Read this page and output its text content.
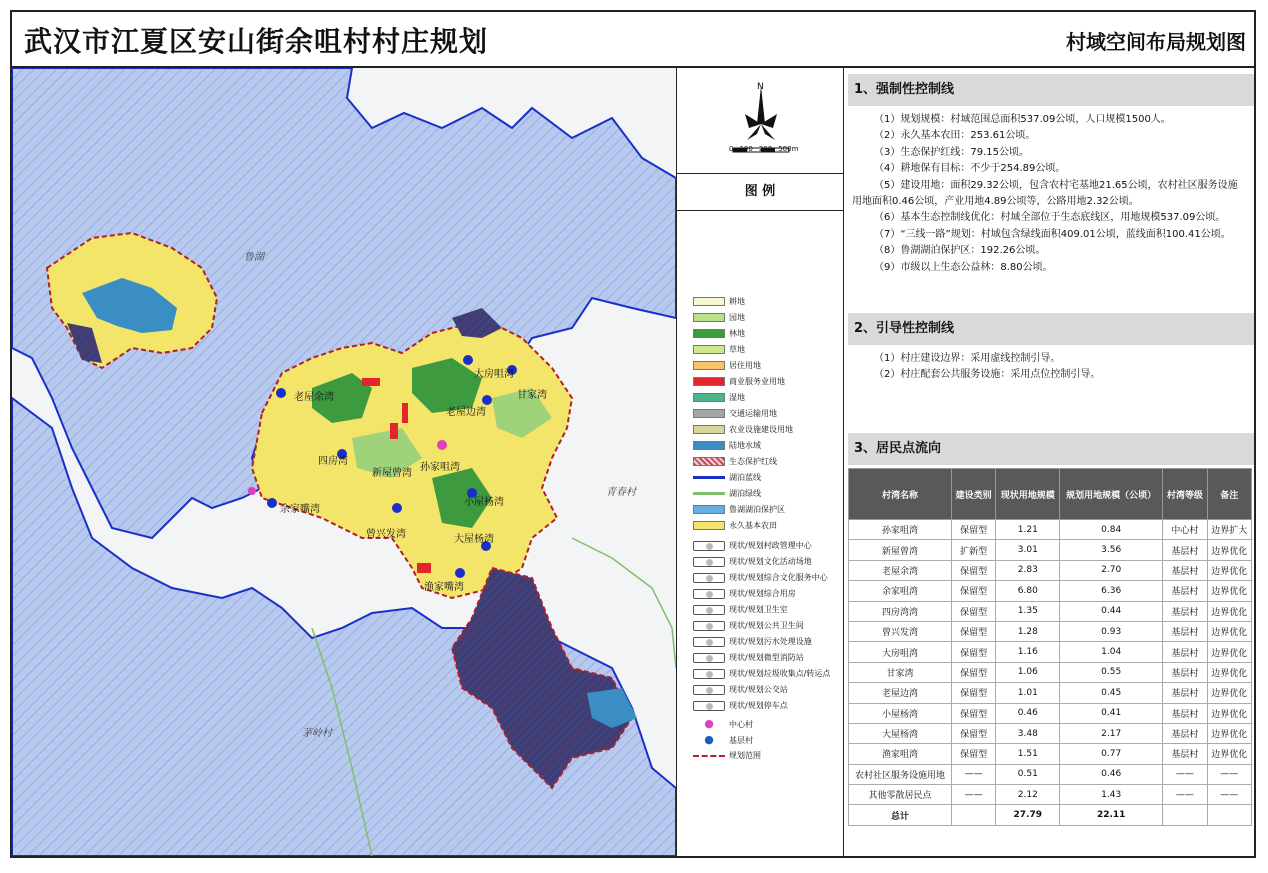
武汉市江夏区安山街余咀村村庄规划	村域空间布局规划图
鲁湖
青春村
茅岭村
大房咀湾
甘家湾
老屋余湾
老屋边湾
四房湾
孙家咀湾
新屋曾湾
小屋杨湾
余家嘴湾
曾兴发湾	大屋杨湾
渔家嘴湾
N
0 100 200 500m
图 例
耕地
园地
林地
草地
居住用地
商业服务业用地
湿地
交通运输用地
农业设施建设用地
陆地水域
生态保护红线
湖泊蓝线
湖泊绿线
鲁湖湖泊保护区
永久基本农田
现状/规划村政管理中心
现状/规划文化活动场地
现状/规划综合文化服务中心
现状/规划综合用房
现状/规划卫生室
现状/规划公共卫生间
现状/规划污水处理设施
现状/规划微型消防站
现状/规划垃圾收集点/转运点
现状/规划公交站
现状/规划停车点
● 中心村
● 基层村
规划范围
1、强制性控制线
（1）规划规模：村域范围总面积537.09公顷，人口规模1500人。
（2）永久基本农田：253.61公顷。
（3）生态保护红线：79.15公顷。
（4）耕地保有目标：不少于254.89公顷。
（5）建设用地：面积29.32公顷，包含农村宅基地21.65公顷，农村社区服务设施用地面积0.46公顷，产业用地4.89公顷等，公路用地2.32公顷。
（6）基本生态控制线优化：村域全部位于生态底线区，用地规模537.09公顷。
（7）“三线一路”规划：村域包含绿线面积409.01公顷，蓝线面积100.41公顷。
（8）鲁湖湖泊保护区：192.26公顷。
（9）市级以上生态公益林：8.80公顷。
2、引导性控制线
（1）村庄建设边界：采用虚线控制引导。
（2）村庄配套公共服务设施：采用点位控制引导。
3、居民点流向
村湾名称	建设类别	现状用地规模	规划用地规模（公顷）	村湾等级	备注
孙家咀湾	保留型	1.21	0.84	中心村	边界扩大
新屋曾湾	扩新型	3.01	3.56	基层村	边界优化
老屋余湾	保留型	2.83	2.70	基层村	边界优化
余家咀湾	保留型	6.80	6.36	基层村	边界优化
四房湾湾	保留型	1.35	0.44	基层村	边界优化
曾兴发湾	保留型	1.28	0.93	基层村	边界优化
大房咀湾	保留型	1.16	1.04	基层村	边界优化
甘家湾	保留型	1.06	0.55	基层村	边界优化
老屋边湾	保留型	1.01	0.45	基层村	边界优化
小屋杨湾	保留型	0.46	0.41	基层村	边界优化
大屋杨湾	保留型	3.48	2.17	基层村	边界优化
渔家咀湾	保留型	1.51	0.77	基层村	边界优化
农村社区服务设施用地	——	0.51	0.46	——	——
其他零散居民点	——	2.12	1.43	——	——
总计		27.79	22.11		
